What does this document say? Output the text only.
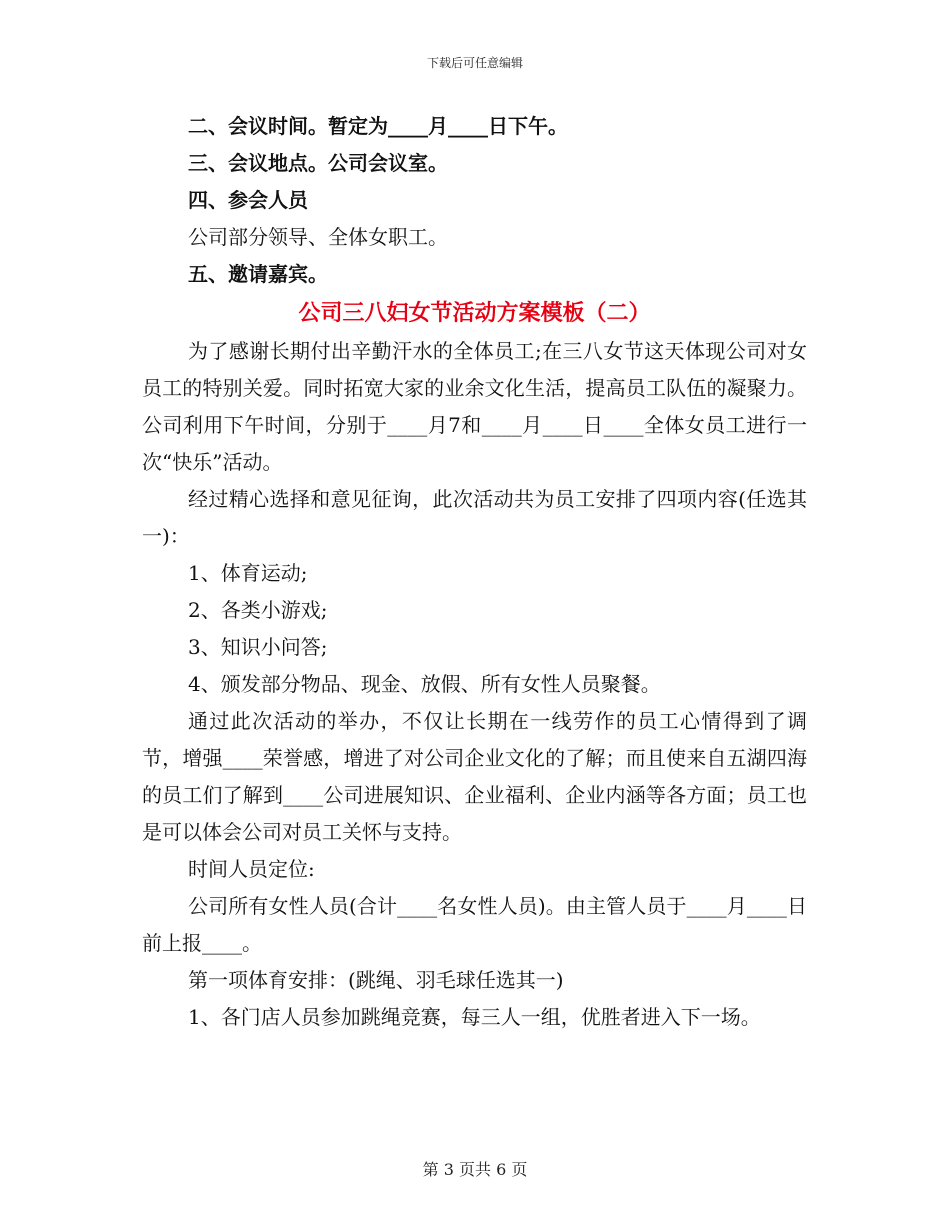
下载后可任意编辑

二、会议时间。暂定为____月____日下午。

三、会议地点。公司会议室。

四、参会人员

公司部分领导、全体女职工。

五、邀请嘉宾。

公司三八妇女节活动方案模板（二）

为了感谢长期付出辛勤汗水的全体员工;在三八女节这天体现公司对女员工的特别关爱。同时拓宽大家的业余文化生活，提高员工队伍的凝聚力。公司利用下午时间，分别于____月7和____月____日____全体女员工进行一次“快乐”活动。

经过精心选择和意见征询，此次活动共为员工安排了四项内容(任选其一)：

1、体育运动;

2、各类小游戏;

3、知识小问答;

4、颁发部分物品、现金、放假、所有女性人员聚餐。

通过此次活动的举办，不仅让长期在一线劳作的员工心情得到了调节，增强____荣誉感，增进了对公司企业文化的了解；而且使来自五湖四海的员工们了解到____公司进展知识、企业福利、企业内涵等各方面；员工也是可以体会公司对员工关怀与支持。

时间人员定位:

公司所有女性人员(合计____名女性人员)。由主管人员于____月____日前上报____。

第一项体育安排：(跳绳、羽毛球任选其一)

1、各门店人员参加跳绳竞赛，每三人一组，优胜者进入下一场。

第 3 页共 6 页
